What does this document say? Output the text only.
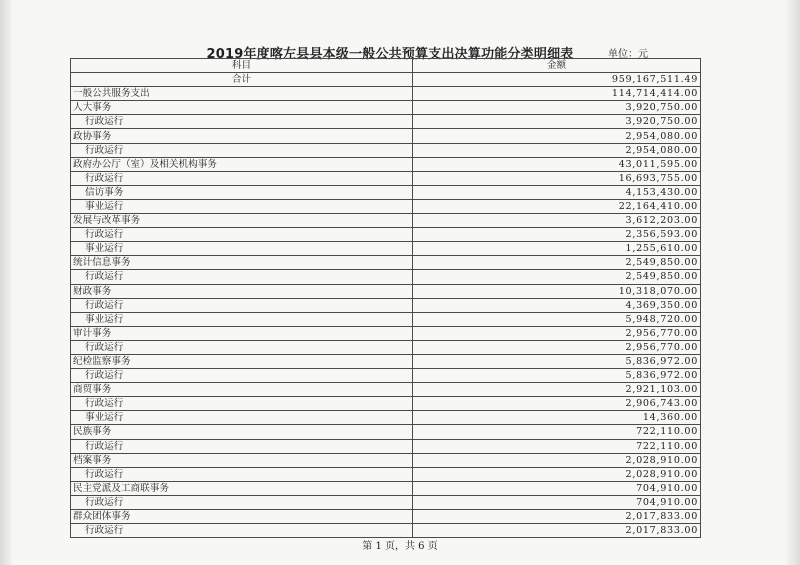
2019年度喀左县县本级一般公共预算支出决算功能分类明细表	单位：元
科目	金额
合计	959,167,511.49
一般公共服务支出	114,714,414.00
人大事务	3,920,750.00
行政运行	3,920,750.00
政协事务	2,954,080.00
行政运行	2,954,080.00
政府办公厅（室）及相关机构事务	43,011,595.00
行政运行	16,693,755.00
信访事务	4,153,430.00
事业运行	22,164,410.00
发展与改革事务	3,612,203.00
行政运行	2,356,593.00
事业运行	1,255,610.00
统计信息事务	2,549,850.00
行政运行	2,549,850.00
财政事务	10,318,070.00
行政运行	4,369,350.00
事业运行	5,948,720.00
审计事务	2,956,770.00
行政运行	2,956,770.00
纪检监察事务	5,836,972.00
行政运行	5,836,972.00
商贸事务	2,921,103.00
行政运行	2,906,743.00
事业运行	14,360.00
民族事务	722,110.00
行政运行	722,110.00
档案事务	2,028,910.00
行政运行	2,028,910.00
民主党派及工商联事务	704,910.00
行政运行	704,910.00
群众团体事务	2,017,833.00
行政运行	2,017,833.00
第 1 页，共 6 页
